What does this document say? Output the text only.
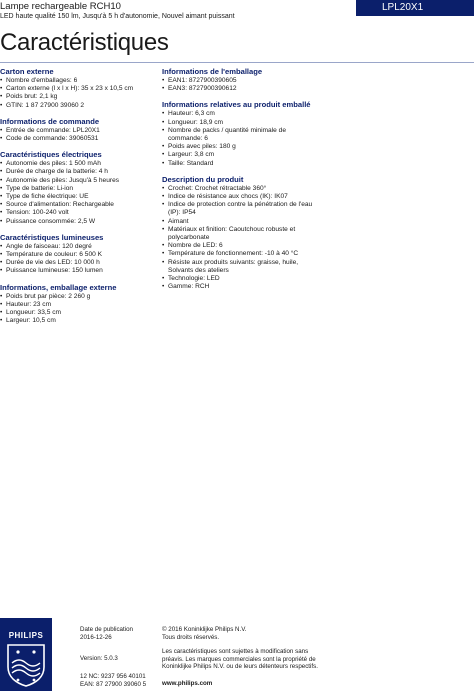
Lampe rechargeable RCH10
LED haute qualité 150 lm, Jusqu'à 5 h d'autonomie, Nouvel aimant puissant
LPL20X1
Caractéristiques
Carton externe
• Nombre d'emballages: 6
• Carton externe (l x l x H): 35 x 23 x 10,5 cm
• Poids brut: 2,1 kg
• GTIN: 1 87 27900 39060 2
Informations de commande
• Entrée de commande: LPL20X1
• Code de commande: 39060531
Caractéristiques électriques
• Autonomie des piles: 1 500 mAh
• Durée de charge de la batterie: 4 h
• Autonomie des piles: Jusqu'à 5 heures
• Type de batterie: Li-ion
• Type de fiche électrique: UE
• Source d'alimentation: Rechargeable
• Tension: 100-240 volt
• Puissance consommée: 2,5 W
Caractéristiques lumineuses
• Angle de faisceau: 120 degré
• Température de couleur: 6 500 K
• Durée de vie des LED: 10 000 h
• Puissance lumineuse: 150 lumen
Informations, emballage externe
• Poids brut par pièce: 2 260 g
• Hauteur: 23 cm
• Longueur: 33,5 cm
• Largeur: 10,5 cm
Informations de l'emballage
• EAN1: 8727900390605
• EAN3: 8727900390612
Informations relatives au produit emballé
• Hauteur: 6,3 cm
• Longueur: 18,9 cm
• Nombre de packs / quantité minimale de commande: 6
• Poids avec piles: 180 g
• Largeur: 3,8 cm
• Taille: Standard
Description du produit
• Crochet: Crochet rétractable 360°
• Indice de résistance aux chocs (IK): IK07
• Indice de protection contre la pénétration de l'eau (IP): IP54
• Aimant
• Matériaux et finition: Caoutchouc robuste et polycarbonate
• Nombre de LED: 6
• Température de fonctionnement: -10 à 40 °C
• Résiste aux produits suivants: graisse, huile, Solvants des ateliers
• Technologie: LED
• Gamme: RCH
PHILIPS
Date de publication
2016-12-26
Version: 5.0.3
© 2016 Koninklijke Philips N.V.
Tous droits réservés.
Les caractéristiques sont sujettes à modification sans préavis. Les marques commerciales sont la propriété de Koninklijke Philips N.V. ou de leurs détenteurs respectifs.
12 NC: 9237 956 40101
EAN: 87 27900 39060 5	www.philips.com
